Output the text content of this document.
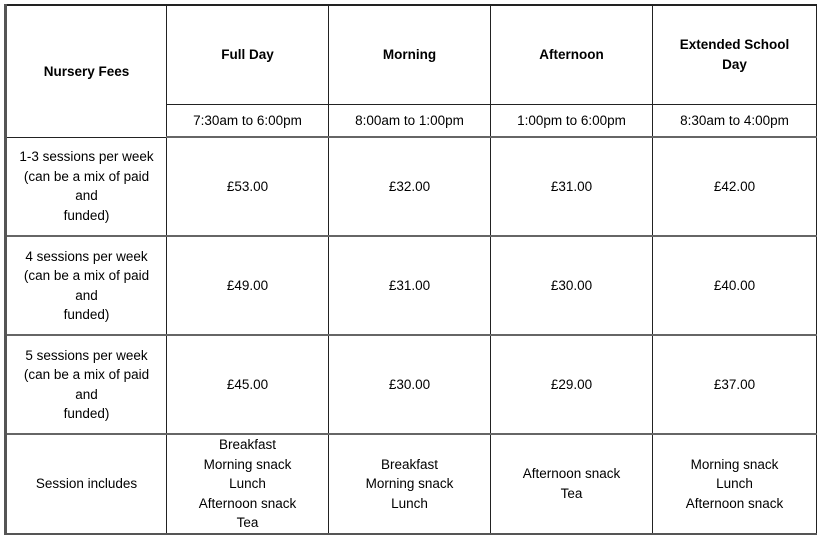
Nursery Fees	Full Day	Morning	Afternoon	Extended School
Day

	7:30am to 6:00pm	8:00am to 1:00pm	1:00pm to 6:00pm	8:30am to 4:00pm

1-3 sessions per week
(can be a mix of paid and
funded)	£53.00	£32.00	£31.00	£42.00

4 sessions per week
(can be a mix of paid and
funded)	£49.00	£31.00	£30.00	£40.00

5 sessions per week
(can be a mix of paid and
funded)	£45.00	£30.00	£29.00	£37.00
Session includes	Breakfast
Morning snack
Lunch
Afternoon snack
Tea	Breakfast
Morning snack
Lunch	Afternoon snack
Tea	Morning snack
Lunch
Afternoon snack
